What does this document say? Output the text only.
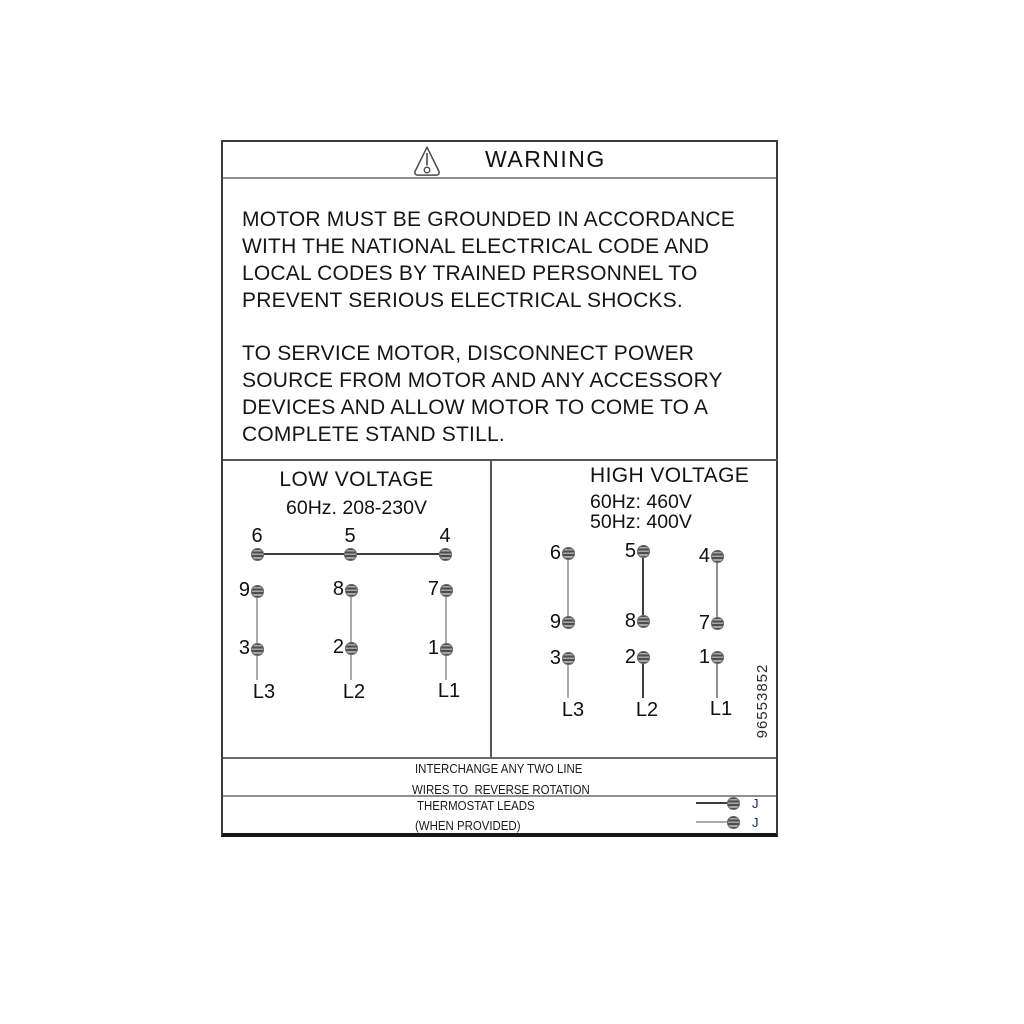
WARNING
MOTOR MUST BE GROUNDED IN ACCORDANCE
WITH THE NATIONAL ELECTRICAL CODE AND
LOCAL CODES BY TRAINED PERSONNEL TO
PREVENT SERIOUS ELECTRICAL SHOCKS.
TO SERVICE MOTOR, DISCONNECT POWER
SOURCE FROM MOTOR AND ANY ACCESSORY
DEVICES AND ALLOW MOTOR TO COME TO A
COMPLETE STAND STILL.
LOW VOLTAGE
60Hz. 208-230V
6	5	4
9	8	7
3	2	1
L3	L2	L1
HIGH VOLTAGE
60Hz: 460V
50Hz: 400V
6	5	4
9	8	7
3	2	1
L3	L2	L1	96553852
INTERCHANGE ANY TWO LINE
WIRES TO  REVERSE ROTATION
THERMOSTAT LEADS
(WHEN PROVIDED)
J
J
